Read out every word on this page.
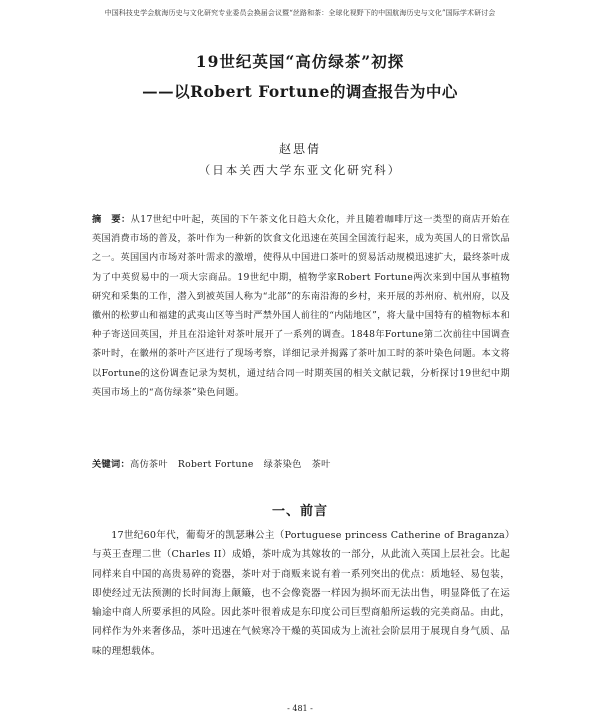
中国科技史学会航海历史与文化研究专业委员会换届会议暨“丝路和茶：全球化视野下的中国航海历史与文化”国际学术研讨会
19世纪英国“高仿绿茶”初探
——以Robert Fortune的调查报告为中心
赵思倩
（日本关西大学东亚文化研究科）
摘　要：从17世纪中叶起，英国的下午茶文化日趋大众化，并且随着咖啡厅这一类型的商店开始在英国消费市场的普及，茶叶作为一种新的饮食文化迅速在英国全国流行起来，成为英国人的日常饮品之一。英国国内市场对茶叶需求的激增，使得从中国进口茶叶的贸易活动规模迅速扩大，最终茶叶成为了中英贸易中的一项大宗商品。19世纪中期，植物学家Robert Fortune两次来到中国从事植物研究和采集的工作，潜入到被英国人称为“北部”的东南沿海的乡村，来开展的苏州府、杭州府，以及徽州的松萝山和福建的武夷山区等当时严禁外国人前往的“内陆地区”，将大量中国特有的植物标本和种子寄送回英国，并且在沿途针对茶叶展开了一系列的调查。1848年Fortune第二次前往中国调查茶叶时，在徽州的茶叶产区进行了现场考察，详细记录并揭露了茶叶加工时的茶叶染色问题。本文将以Fortune的这份调查记录为契机，通过结合同一时期英国的相关文献记载，分析探讨19世纪中期英国市场上的“高仿绿茶”染色问题。
关键词：高仿茶叶 Robert Fortune 绿茶染色 茶叶
一、前言

17世纪60年代，葡萄牙的凯瑟琳公主（Portuguese princess Catherine of Braganza）与英王查理二世（Charles II）成婚，茶叶成为其嫁妆的一部分，从此流入英国上层社会。比起同样来自中国的高贵易碎的瓷器，茶叶对于商贩来说有着一系列突出的优点：质地轻、易包装，即使经过无法预测的长时间海上颠簸，也不会像瓷器一样因为损坏而无法出售，明显降低了在运输途中商人所要承担的风险。因此茶叶很着成是东印度公司巨型商船所运载的完美商品。由此，同样作为外来奢侈品，茶叶迅速在气候寒冷干燥的英国成为上流社会阶层用于展现自身气质、品味的理想载体。

- 481 -
